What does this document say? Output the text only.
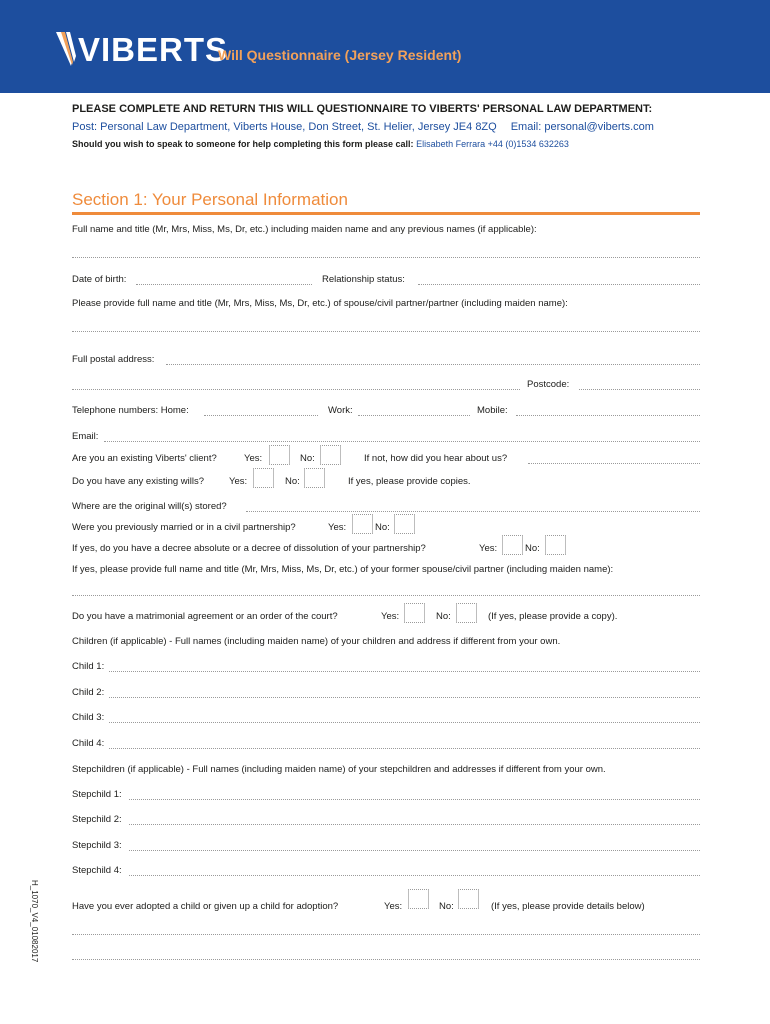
VIBERTS
Will Questionnaire (Jersey Resident)
PLEASE COMPLETE AND RETURN THIS WILL QUESTIONNAIRE TO VIBERTS' PERSONAL LAW DEPARTMENT:
Post: Personal Law Department, Viberts House, Don Street, St. Helier, Jersey JE4 8ZQ Email: personal@viberts.com
Should you wish to speak to someone for help completing this form please call: Elisabeth Ferrara +44 (0)1534 632263
Section 1: Your Personal Information
Full name and title (Mr, Mrs, Miss, Ms, Dr, etc.) including maiden name and any previous names (if applicable):
Date of birth:	Relationship status:
Please provide full name and title (Mr, Mrs, Miss, Ms, Dr, etc.) of spouse/civil partner/partner (including maiden name):
Full postal address:
Postcode:
Telephone numbers: Home:	Work:	Mobile:
Email:
Are you an existing Viberts' client?	Yes:	No:	If not, how did you hear about us?
Do you have any existing wills?	Yes:	No:	If yes, please provide copies.
Where are the original will(s) stored?
Were you previously married or in a civil partnership?	Yes:	No:
If yes, do you have a decree absolute or a decree of dissolution of your partnership?	Yes:	No:
If yes, please provide full name and title (Mr, Mrs, Miss, Ms, Dr, etc.) of your former spouse/civil partner (including maiden name):
Do you have a matrimonial agreement or an order of the court?	Yes:	No:	(If yes, please provide a copy).
Children (if applicable) - Full names (including maiden name) of your children and address if different from your own.
Child 1:
Child 2:
Child 3:
Child 4:
Stepchildren (if applicable) - Full names (including maiden name) of your stepchildren and addresses if different from your own.
Stepchild 1:
Stepchild 2:
Stepchild 3:
Stepchild 4:
Have you ever adopted a child or given up a child for adoption?	Yes:	No:	(If yes, please provide details below)
H_1070_V4_01082017
